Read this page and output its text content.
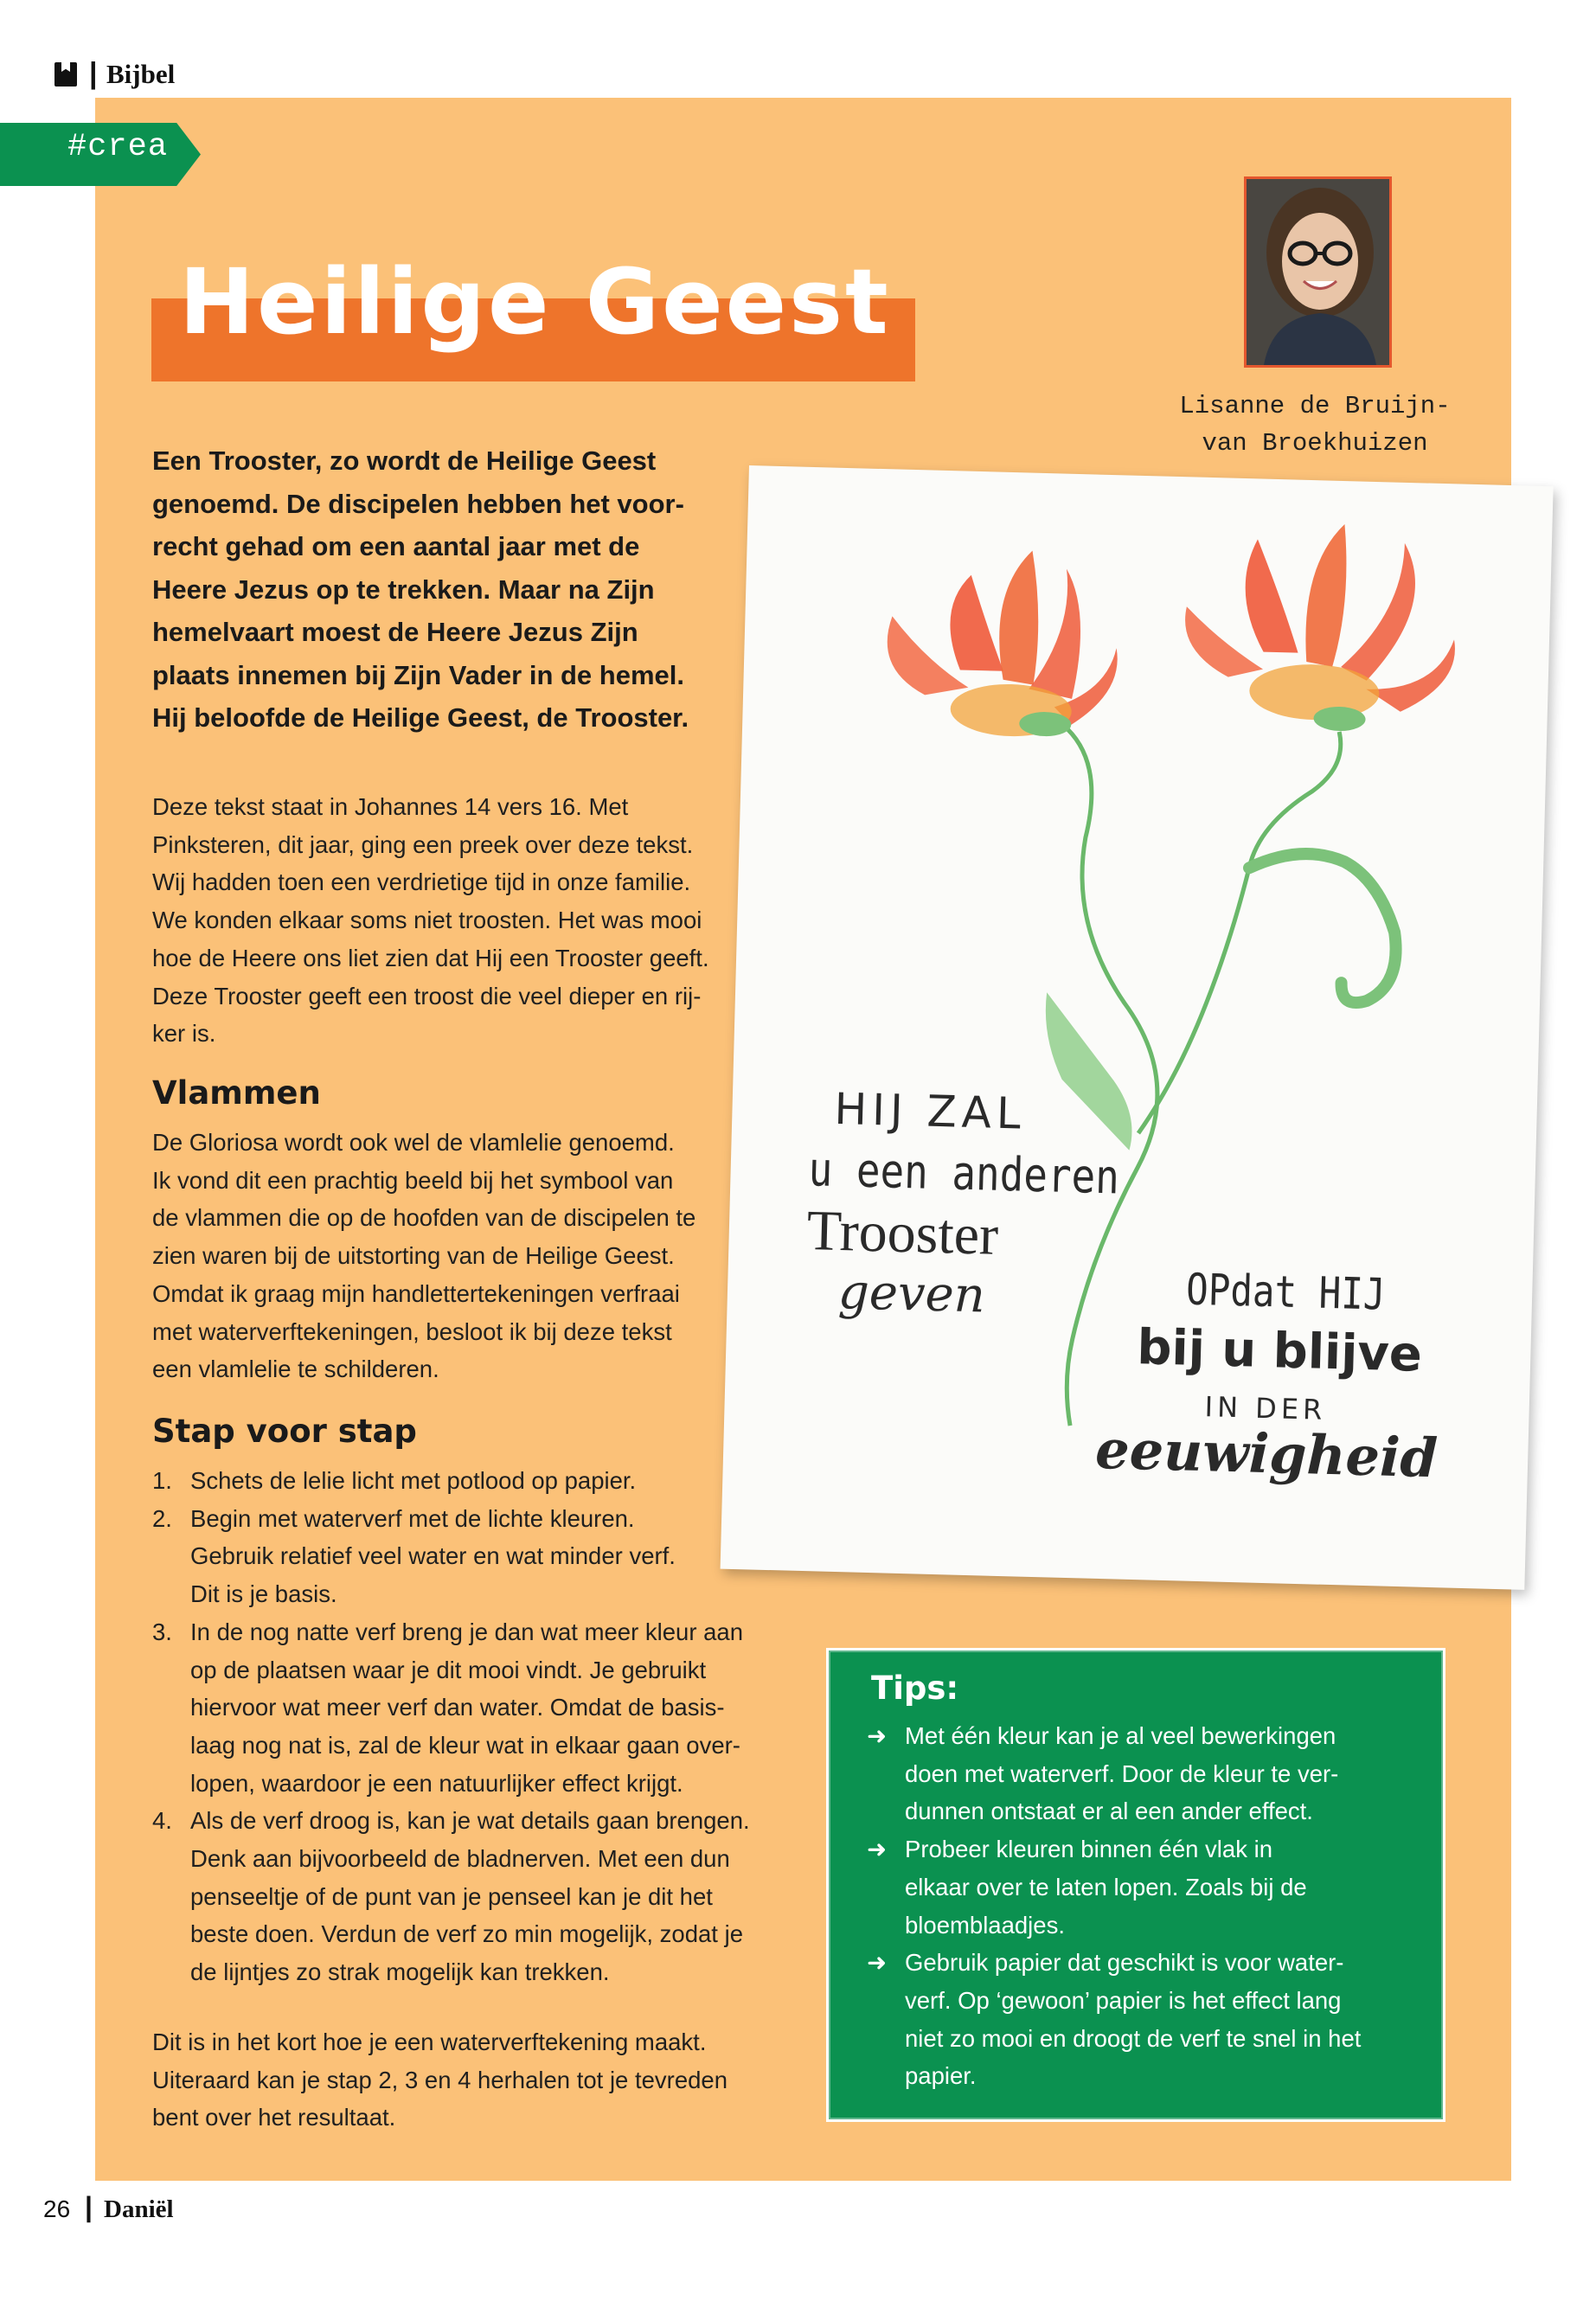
| Bijbel
#crea
Heilige Geest
Lisanne de Bruijn-
van Broekhuizen
Een Trooster, zo wordt de Heilige Geest
genoemd. De discipelen hebben het voor-
recht gehad om een aantal jaar met de
Heere Jezus op te trekken. Maar na Zijn
hemelvaart moest de Heere Jezus Zijn
plaats innemen bij Zijn Vader in de hemel.
Hij beloofde de Heilige Geest, de Trooster.
Deze tekst staat in Johannes 14 vers 16. Met
Pinksteren, dit jaar, ging een preek over deze tekst.
Wij hadden toen een verdrietige tijd in onze familie.
We konden elkaar soms niet troosten. Het was mooi
hoe de Heere ons liet zien dat Hij een Trooster geeft.
Deze Trooster geeft een troost die veel dieper en rij-
ker is.
Vlammen
De Gloriosa wordt ook wel de vlamlelie genoemd.
Ik vond dit een prachtig beeld bij het symbool van
de vlammen die op de hoofden van de discipelen te
zien waren bij de uitstorting van de Heilige Geest.
Omdat ik graag mijn handlettertekeningen verfraai
met waterverftekeningen, besloot ik bij deze tekst
een vlamlelie te schilderen.
Stap voor stap
1. Schets de lelie licht met potlood op papier.
2. Begin met waterverf met de lichte kleuren.
Gebruik relatief veel water en wat minder verf.
Dit is je basis.
3. In de nog natte verf breng je dan wat meer kleur aan
op de plaatsen waar je dit mooi vindt. Je gebruikt
hiervoor wat meer verf dan water. Omdat de basis-
laag nog nat is, zal de kleur wat in elkaar gaan over-
lopen, waardoor je een natuurlijker effect krijgt.
4. Als de verf droog is, kan je wat details gaan brengen.
Denk aan bijvoorbeeld de bladnerven. Met een dun
penseeltje of de punt van je penseel kan je dit het
beste doen. Verdun de verf zo min mogelijk, zodat je
de lijntjes zo strak mogelijk kan trekken.
Dit is in het kort hoe je een waterverftekening maakt.
Uiteraard kan je stap 2, 3 en 4 herhalen tot je tevreden
bent over het resultaat.
HIJ ZAL
u een anderen
Trooster
geven	OPdat HIJ
bij u blijve
IN DER
eeuwigheid
Tips:
➜ Met één kleur kan je al veel bewerkingen
doen met waterverf. Door de kleur te ver-
dunnen ontstaat er al een ander effect.
➜ Probeer kleuren binnen één vlak in
elkaar over te laten lopen. Zoals bij de
bloemblaadjes.
➜ Gebruik papier dat geschikt is voor water-
verf. Op ‘gewoon’ papier is het effect lang
niet zo mooi en droogt de verf te snel in het
papier.
26 | Daniël
